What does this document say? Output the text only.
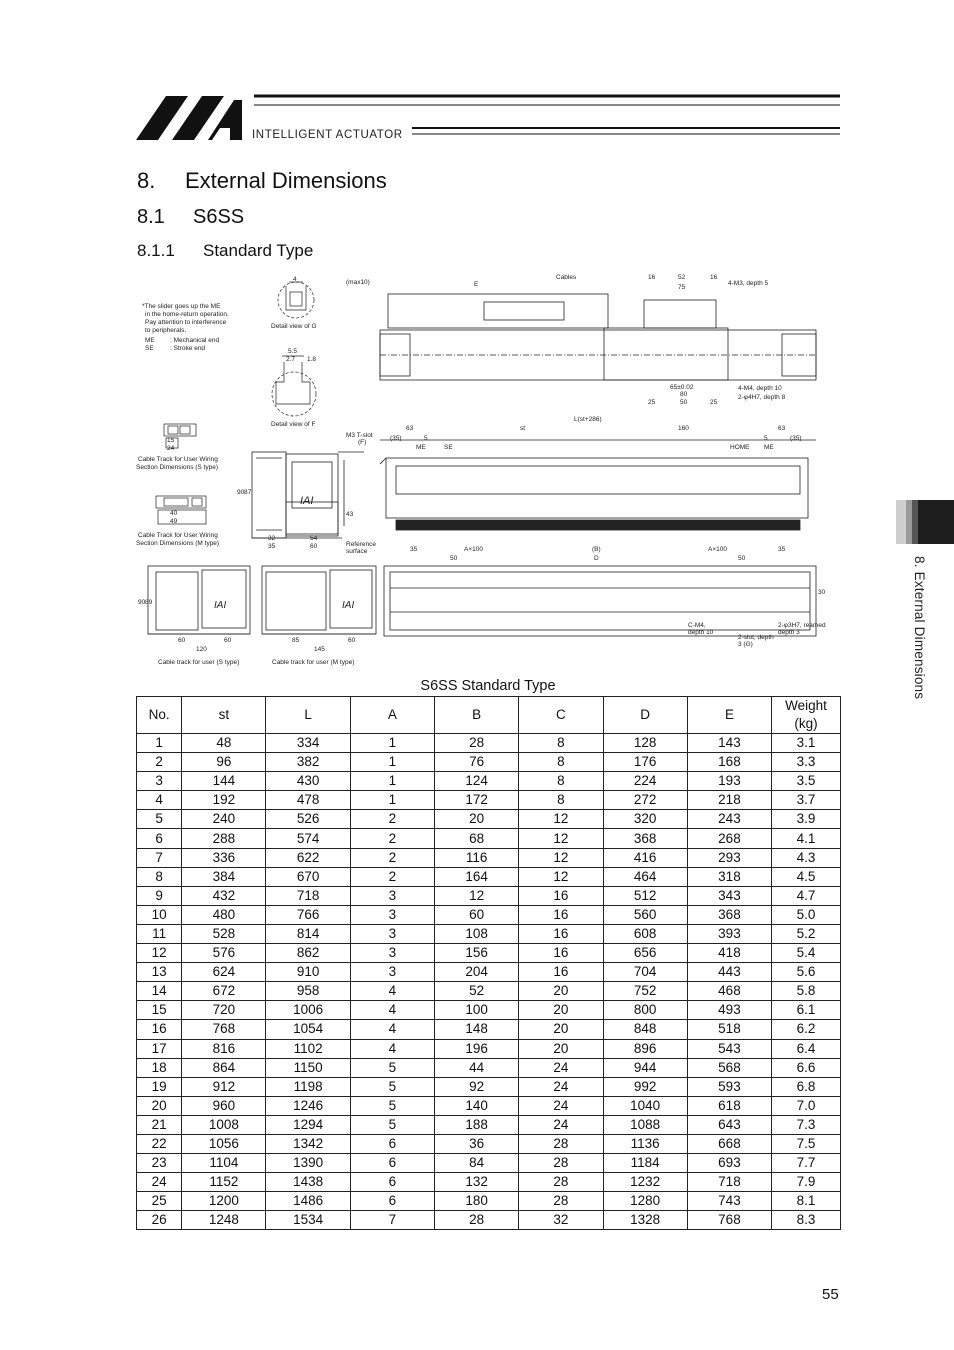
INTELLIGENT ACTUATOR
8. External Dimensions
8.1 S6SS
8.1.1 Standard Type
8. External Dimensions
*The slider goes up the ME
in the home-return operation.
Pay attention to interference
to peripherals.
ME : Mechanical end
SE	: Stroke end
4
Detail view of G
5.5
2.7 1.8
Detail view of F
15
24
Cable Track for User Wiring
Section Dimensions (S type)
40
49
Cable Track for User Wiring
Section Dimensions (M type)
IAI
M3 T-slot
(F)
Reference
surface
32	54
35	60
90 87
43
IAI
90 89
60	60
120
Cable track for user (S type)
IAI
85	60
145
Cable track for user (M type)
(max10)	E
Cables	16	52	16
75
4-M3, depth 5
65±0.02
80
25	50	25
4-M4, depth 10
2-φ4H7, depth 8
L(st+286)
63	st	160	63
(35)	5
ME	SE	HOME ME
5	(35)
35
50
A×100	(B)
D
A×100
50
35
30
C-M4,
depth 10
2-slot, depth
3 (G)
2-φ3H7, reamed
depth 3
S6SS Standard Type
No.	st	L	A	B	C	D	E	Weight (kg)
1	48	334	1	28	8	128	143	3.1
2	96	382	1	76	8	176	168	3.3
3	144	430	1	124	8	224	193	3.5
4	192	478	1	172	8	272	218	3.7
5	240	526	2	20	12	320	243	3.9
6	288	574	2	68	12	368	268	4.1
7	336	622	2	116	12	416	293	4.3
8	384	670	2	164	12	464	318	4.5
9	432	718	3	12	16	512	343	4.7
10	480	766	3	60	16	560	368	5.0
11	528	814	3	108	16	608	393	5.2
12	576	862	3	156	16	656	418	5.4
13	624	910	3	204	16	704	443	5.6
14	672	958	4	52	20	752	468	5.8
15	720	1006	4	100	20	800	493	6.1
16	768	1054	4	148	20	848	518	6.2
17	816	1102	4	196	20	896	543	6.4
18	864	1150	5	44	24	944	568	6.6
19	912	1198	5	92	24	992	593	6.8
20	960	1246	5	140	24	1040	618	7.0
21	1008	1294	5	188	24	1088	643	7.3
22	1056	1342	6	36	28	1136	668	7.5
23	1104	1390	6	84	28	1184	693	7.7
24	1152	1438	6	132	28	1232	718	7.9
25	1200	1486	6	180	28	1280	743	8.1
26	1248	1534	7	28	32	1328	768	8.3
55
